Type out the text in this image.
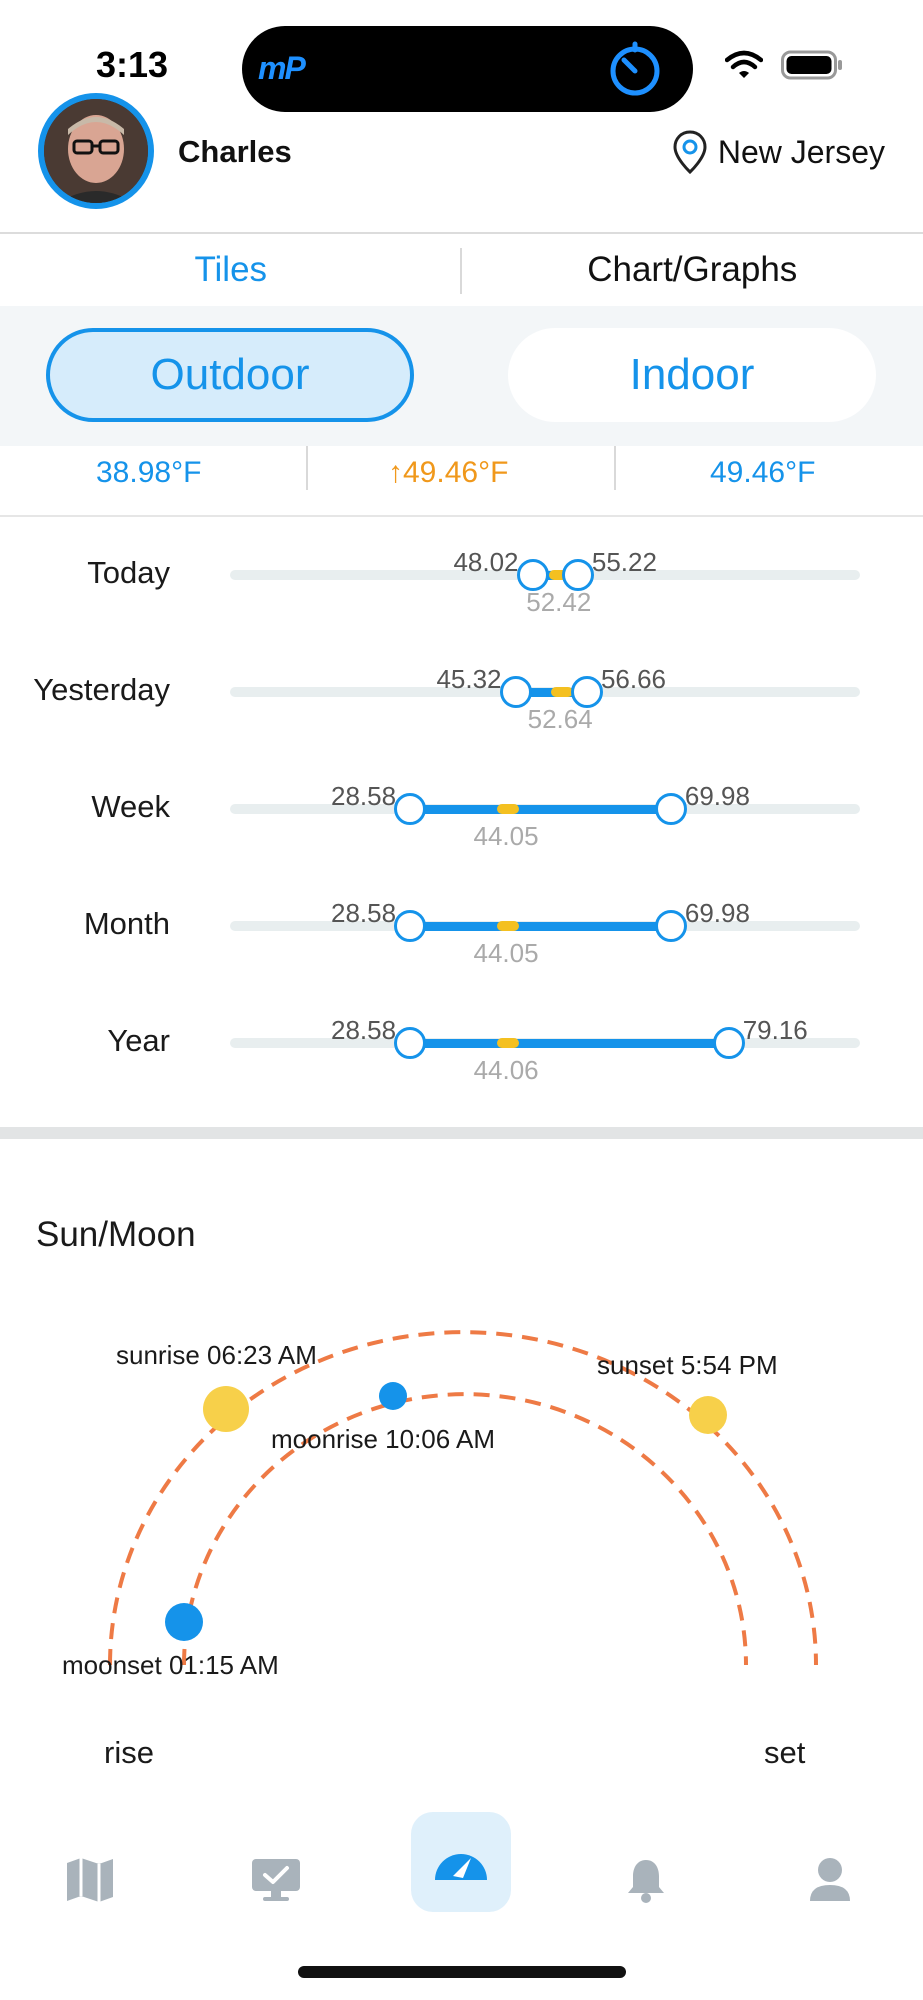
3:13	mP
Charles	New Jersey
Tiles	Chart/Graphs
Outdoor	Indoor
38.98°F	↑49.46°F	49.46°F
Today	48.02	55.22
52.42
Yesterday	45.32	56.66
52.64
Week	28.58	69.98
44.05
Month	28.58	69.98
44.05
Year	28.58	79.16
44.06
Sun/Moon
sunrise 06:23 AM	sunset 5:54 PM
moonrise 10:06 AM
moonset 01:15 AM
rise	set
